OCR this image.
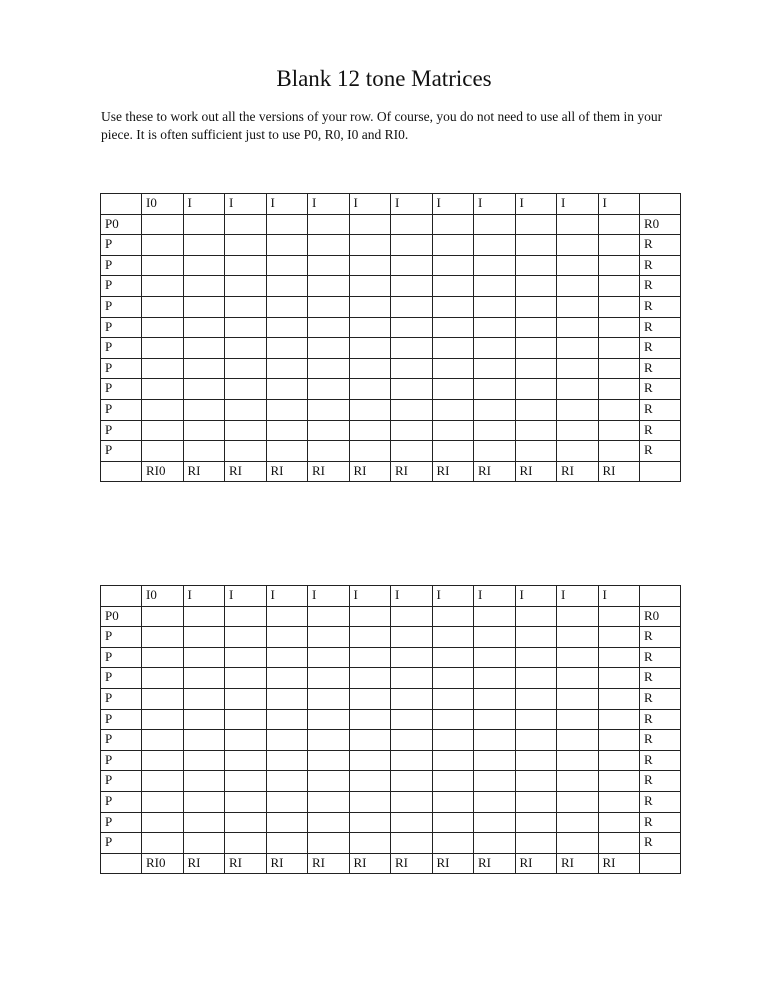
Blank 12 tone Matrices

Use these to work out all the versions of your row. Of course, you do not need to use all of them in your piece. It is often sufficient just to use P0, R0, I0 and RI0.

	I0	I	I	I	I	I	I	I	I	I	I	I	
P0													R0
P													R
P													R
P													R
P													R
P													R
P													R
P													R
P													R
P													R
P													R
P													R
	RI0	RI	RI	RI	RI	RI	RI	RI	RI	RI	RI	RI	
	I0	I	I	I	I	I	I	I	I	I	I	I	
P0													R0
P													R
P													R
P													R
P													R
P													R
P													R
P													R
P													R
P													R
P													R
P													R
	RI0	RI	RI	RI	RI	RI	RI	RI	RI	RI	RI	RI	
